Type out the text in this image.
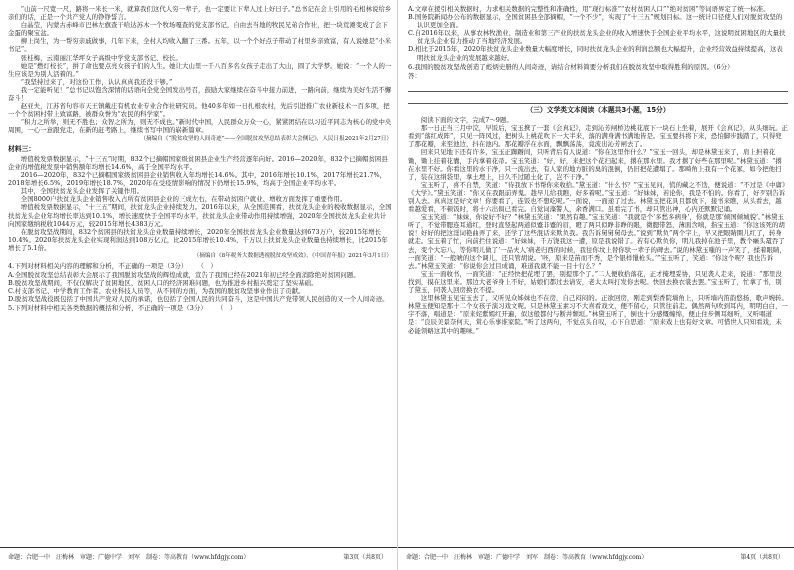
“山前一尺宽一尺，路将一米长一米，就算我们这代人穷一辈子，也一定要让下辈人过上好日子。”总书记在会上引用的毛相林说给乡亲们的话，正是一个共产党人的铮铮誓言。

白晶莹，内蒙古赤峰市巴林左旗查干哈达苏木一个牧场嘎查的党支部书记，自由去当地的牧民兄弟合作社，把一块荒滩变成了会下金蛋的聚宝盆。

柳上岗生，为一帮穷亲戚做事，几年下来，全村人均收入翻了三番。五年，以一个个好点子带动了村里乡亲致富，有人说她是“小米书记”。

张桂梅，云南丽江华坪女子高级中学党支部书记、校长。

她是“燃灯校长”，拼了命也要点亮女孩子们的人生。她让大山里一千八百多名女孩子走出了大山，圆了大学梦。她说：“一个人的一生应该是为别人活着的。”

“我坚持过来了，对这份工作，认认真真我还没干够。”

我一定能听见！”总书记以饱含深情的话语向全党全国发出号召，鼓励大家继续在奋斗中接力前进，一路向前，继续为美好生活不懈奋斗！

赵亚夫，江苏省句容市天王镇戴庄有机农业专业合作社研究员。他40多年如一日扎根农村，先后引进推广农业新技术一百多项，把一个个贫困村带上致富路，被群众誉为“农民的科学家”。

“积力之所举，则无不胜也；众智之所为，则无不成也。”新时代中国，人民群众万众一心，紧紧团结在以习近平同志为核心的党中央周围，一心一意跟党走，在新的赶考路上，继续书写中国的崭新篇章。

（摘编自《“脱贫攻坚的人间奇迹”——全国脱贫攻坚总结表彰大会侧记》，人民日报2021年2月27日）

材料三：

增值税发票数据显示，“十三五”时期，832个已摘帽国家级贫困县企业生产经营逐年向好。2016—2020年，832个已摘帽贫困县企业的增值税发票中销售额年均增长14.6%，高于全国平均水平。

2016—2020年，832个已摘帽国家级贫困县企业销售收入年均增长14.6%。其中，2016年增长10.1%，2017年增长21.7%，2018年增长6.5%，2019年增长18.7%，2020年在受疫情影响的情况下仍增长15.9%，均高于全国企业平均水平。

其中，全国扶贫龙头企业发挥了关键作用。

全国8000户扶贫龙头企业销售收入占所有贫困县企业的三成左右，在带动贫困户就业、增收方面发挥了重要作用。

增值税发票数据显示，“十三五”期间，扶贫龙头企业持续发力。2016年以来，从全国范围看，扶贫龙头企业的税收数据显示，全国扶贫龙头企业年均增长率达到10.1%，增长速度快于全国平均水平，扶贫龙头企业带动作用持续增强，2020年全国扶贫龙头企业共计向国家缴纳税收1044万元，较2015年增长4383万元。

在脱贫攻坚战期间，832个贫困县的扶贫龙头企业数量持续增长，2020年全国扶贫龙头企业数量达到673万户，较2015年增长10.4%。2020年扶贫龙头企业实现利润达到108万亿元，比2015年增长10.4%，千万以上扶贫龙头企业数量也持续增长，比2015年增长了5.1倍。

（摘编自《8年税务大数据透视脱贫攻坚成效》，《中国青年报》2021年3月1日）

4.下列对材料相关内容的理解和分析，不正确的一项是（3分） （　）

A.全国脱贫攻坚总结表彰大会展示了我国脱贫攻坚战的辉煌成就，宣告了我国已经在2021年初已经全面消除绝对贫困问题。

B.脱贫攻坚战期间，不仅仅解决了贫困地区、贫困人口的经济困难问题，也为推进乡村振兴奠定了坚实基础。

C.村支部书记、中学教育工作者、农业科技人员等，从不同的方面，为我国的脱贫攻坚事业作出了贡献。

D.脱贫攻坚战役既包括了中国共产党对人民的承诺，也包括了全国人民的共同奋斗，这是中国共产党带领人民创造的又一个人间奇迹。

5.下列对材料中相关各类数据的概括和分析，不正确的一项是（3分） （　）

命题：合肥一中　汪梅林　审题：广德中学　刘军　制卷：等高教育（www.hfdgjy.com）	第3页（共8页）

A.文章在援引相关数据时，力求相关数据的完整性和准确性，用“现行标准”“农村贫困人口”“绝对贫困”等词语界定了统一标准。

B.国务院新闻办公布的数据显示，全国贫困县全部摘帽，“一个不少”，实现了“十三五”规划目标。这一统计口径使人们对脱贫攻坚的认识更加全面。

C.自2016年以来，从事农林牧渔业、制造业和第三产业的扶贫龙头企业的收入增速快于全国企业平均水平，这说明贫困地区的大量扶贫龙头企业有力推动了当地经济发展。

D.相比于2015年，2020年扶贫龙头企业数量大幅度增长，同时扶贫龙头企业的利润总额也大幅提升，企业经营效益持续提高，这表明扶贫龙头企业的发展越来越好。

6.我国的脱贫攻坚战创造了彪炳史册的人间奇迹，请结合材料简要分析我们在脱贫攻坚中取得胜利的原因。（6分）

答：

（三）文学类文本阅读（本题共3小题，15分）

阅读下面的文字，完成7～9题。

那一日正当三月中浣，早饭后，宝玉携了一套《会真记》，走到沁芳闸桥边桃花底下一块石上坐着，展开《会真记》，从头细玩。正看到“落红成阵”，只见一阵风过，把树头上桃花吹下一大半来，落的满身满书满地皆是。宝玉要抖将下来，恐怕脚步践踏了，只得兜了那花瓣，来至池边，抖在池内。那花瓣浮在水面，飘飘荡荡，竟流出沁芳闸去了。

回来只见地下还有许多，宝玉正踟蹰间，只听背后有人说道：“你在这里作什么？”宝玉一回头，却是林黛玉来了，肩上担着花锄，锄上挂着花囊，手内拿着花帚。宝玉笑道：“好，好，来把这个花扫起来，撂在那水里。我才撂了好些在那里呢。”林黛玉道：“撂在水里不好。你看这里的水干净，只一流出去，有人家的地方脏的臭的混倒，仍旧把花遭塌了。那畸角上我有一个花冢，如今把他扫了，装在这绢袋里，拿土埋上，日久不过随土化了，岂不干净。”

宝玉听了，喜不自禁，笑道：“待我放下书帮你来收拾。”黛玉道：“什么书？”宝玉见问，慌的藏之不迭，便说道：“不过是《中庸》《大学》。”黛玉笑道：“你又在我跟前弄鬼。趁早儿给我瞧，好多着呢。”宝玉道：“好妹妹，若论你，我是不怕的。你看了，好歹别告诉别人去。真真这是好文章！你要看了，连饭也不想吃呢。”一面说，一面递了过去。林黛玉把花具且都放下，接书来瞧，从头看去，越看越爱看，不顿饭时，将十六出俱已看完。自觉词藻警人，余香满口。虽看完了书，却只管出神，心内还默默记诵。

宝玉笑道：“妹妹，你说好不好？”林黛玉笑道：“果然有趣。”宝玉笑道：“我就是个‘多愁多病身’，你就是那‘倾国倾城貌’。”林黛玉听了，不觉带腮连耳通红，登时直竖起两道似蹙非蹙的眉，瞪了两只似睁非睁的眼，微腮带怒，薄面含嗔，指宝玉道：“你这该死的胡说！好好的把这淫词艳曲弄了来，还学了这些混话来欺负我。我告诉舅舅舅母去。”说到“欺负”两个字上，早又把眼睛圈儿红了，转身就走。宝玉着了忙，向前拦住说道：“好妹妹，千万饶我这一遭，原是我说错了。若有心欺负你，明儿我掉在池子里，教个癞头鼋吞了去，变个大忘八，等你明儿做了‘一品夫人’病老归西的时候，我往你坟上替你驮一辈子的碑去。”说的林黛玉嗤的一声笑了，揉着眼睛，一面笑道：“一般唬的这个调儿，还只管胡说。‘呸，原来是苗而不秀，是个银样镴枪头。’”宝玉听了，笑道：“你这个呢？我也告诉去。”林黛玉笑道：“你说你会过目成诵，难道我就不能一目十行么？”

宝玉一面收书，一面笑道：“正经快把花埋了罢，别提那个了。”二人便收拾落花，正才掩埋妥协，只见袭人走来，说道：“那里没找到，摸在这里来。那边大老爷身上不好，姑娘们都过去请安，老太太叫打发你去呢。快回去换衣裳去罢。”宝玉听了，忙拿了书，别了黛玉，同袭人回房换衣不提。

这里林黛玉见宝玉去了，又听见众姊妹也不在房，自己闷闷的。正欲回房，刚走到梨香院墙角上，只听墙内笛韵悠扬，歌声婉转。林黛玉便知是那十二个女孩子演习戏文呢。只是林黛玉素习不大喜看戏文，便不留心，只管往前走。偶然两句吹到耳内，明明白白，一字不落，唱道是：“原来姹紫嫣红开遍，似这般都付与断井颓垣。”林黛玉听了，倒也十分感慨缠绵，便止住步侧耳细听，又听唱道是：“良辰美景奈何天，赏心乐事谁家院。”听了这两句，不觉点头自叹，心下自思道：“原来戏上也有好文章。可惜世人只知看戏，未必能领略这其中的趣味。”

命题：合肥一中　汪梅林　审题：广德中学　刘军　制卷：等高教育（www.hfdgjy.com）	第4页（共8页）
